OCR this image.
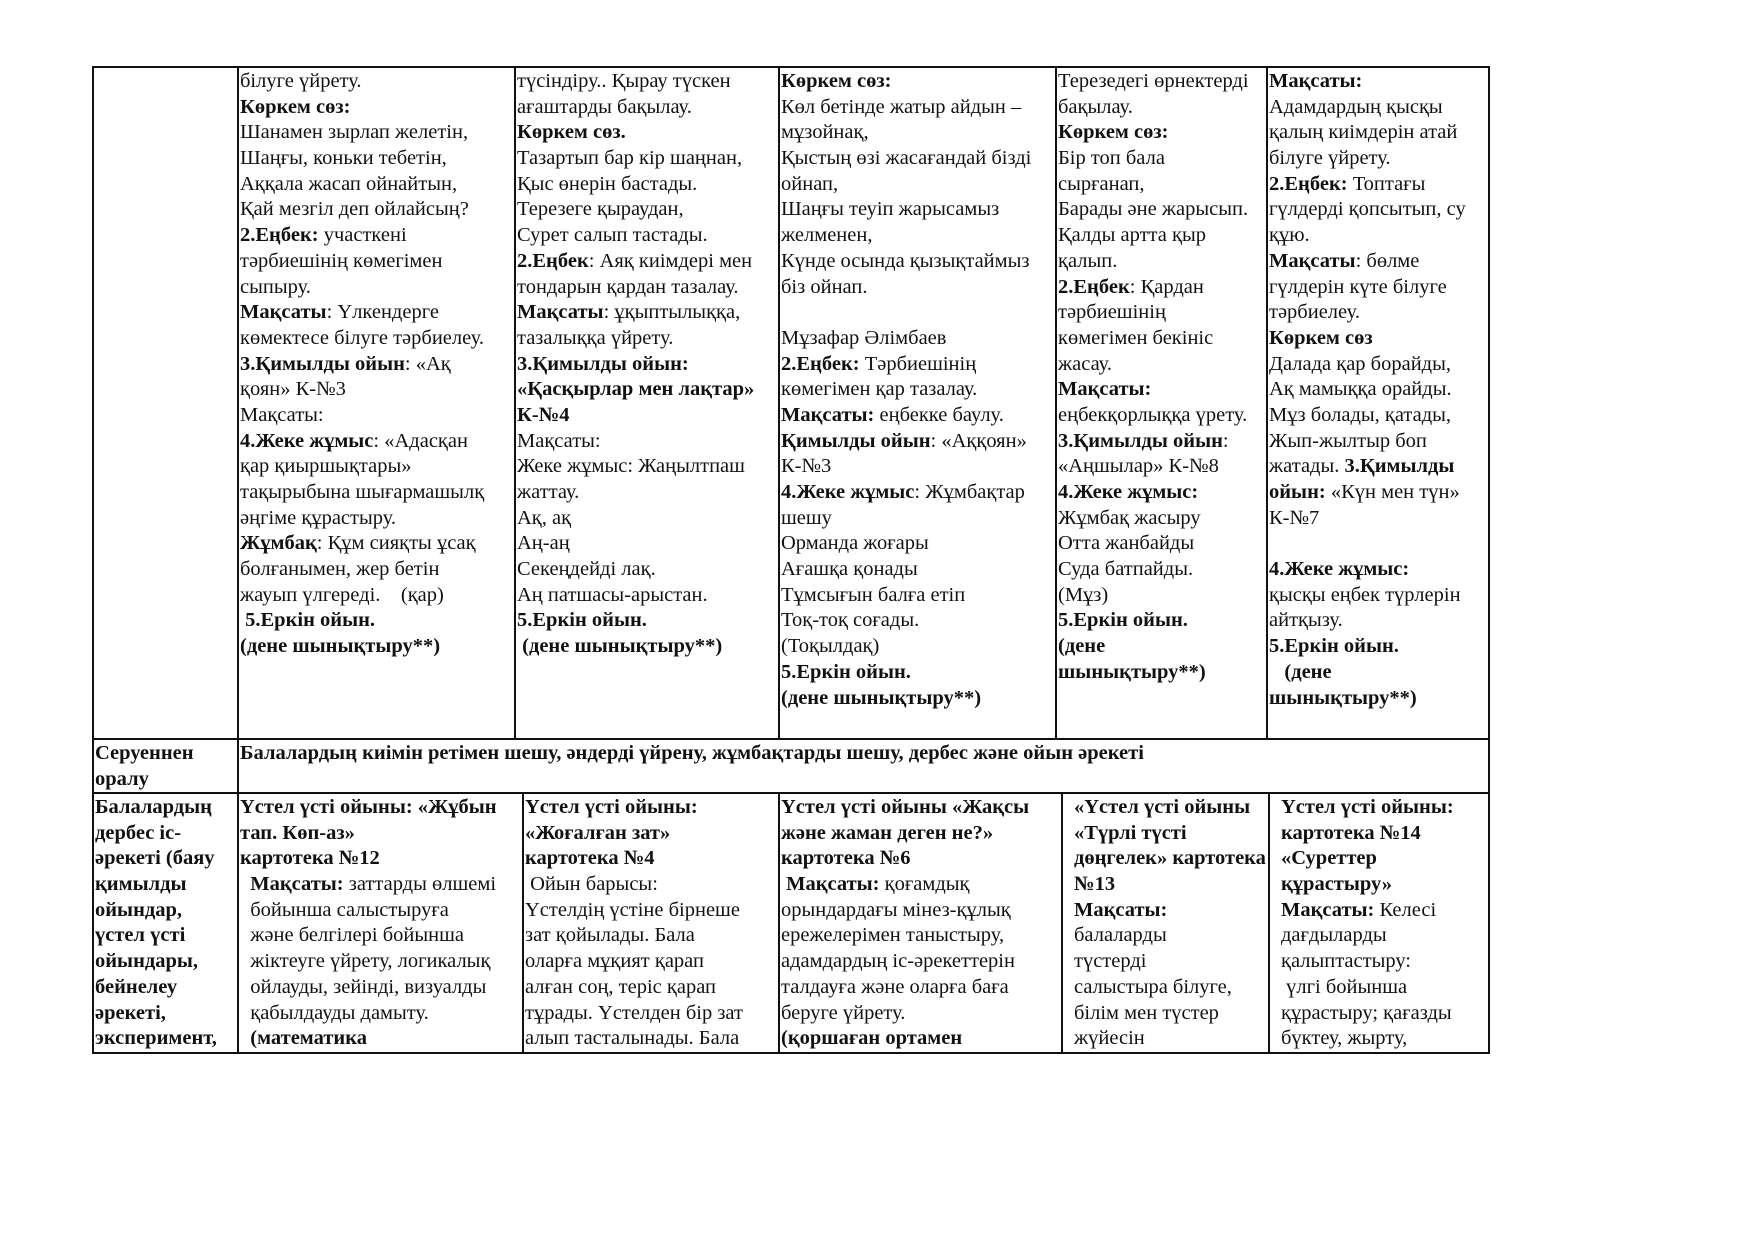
білуге үйрету.
Көркем сөз:
Шанамен зырлап желетін,
Шаңғы, коньки тебетін,
Аққала жасап ойнайтын,
Қай мезгіл деп ойлайсың?
2.Еңбек: участкені
тәрбиешінің көмегімен
сыпыру.
Мақсаты: Үлкендерге
көмектесе білуге тәрбиелеу.
3.Қимылды ойын: «Ақ
қоян» К-№3
Мақсаты:
4.Жеке жұмыс: «Адасқан
қар қиыршықтары»
тақырыбына шығармашылқ
әңгіме құрастыру.
Жұмбақ: Құм сияқты ұсақ
болғанымен, жер бетін
жауып үлгереді.    (қар)
5.Еркін ойын.
(дене шынықтыру**)
түсіндіру.. Қырау түскен
ағаштарды бақылау.
Көркем сөз.
Тазартып бар кір шаңнан,
Қыс өнерін бастады.
Терезеге қыраудан,
Сурет салып тастады.
2.Еңбек: Аяқ киімдері мен
тондарын қардан тазалау.
Мақсаты: ұқыптылыққа,
тазалыққа үйрету.
3.Қимылды ойын:
«Қасқырлар мен лақтар»
К-№4
Мақсаты:
Жеке жұмыс: Жаңылтпаш
жаттау.
Ақ, ақ
Аң-аң
Секеңдейді лақ.
Аң патшасы-арыстан.
5.Еркін ойын.
(дене шынықтыру**)
Көркем сөз:
Көл бетінде жатыр айдын –
мұзойнақ,
Қыстың өзі жасағандай бізді
ойнап,
Шаңғы теуіп жарысамыз
желменен,
Күнде осында қызықтаймыз
біз ойнап.
Мұзафар Әлімбаев
2.Еңбек: Тәрбиешінің
көмегімен қар тазалау.
Мақсаты: еңбекке баулу.
Қимылды ойын: «Аққоян»
К-№3
4.Жеке жұмыс: Жұмбақтар
шешу
Орманда жоғары
Ағашқа қонады
Тұмсығын балға етіп
Тоқ-тоқ соғады.
(Тоқылдақ)
5.Еркін ойын.
(дене шынықтыру**)
Терезедегі өрнектерді
бақылау.
Көркем сөз:
Бір топ бала
сырғанап,
Барады әне жарысып.
Қалды артта қыр
қалып.
2.Еңбек: Қардан
тәрбиешінің
көмегімен бекініс
жасау.
Мақсаты:
еңбекқорлыққа үрету.
3.Қимылды ойын:
«Аңшылар» К-№8
4.Жеке жұмыс:
Жұмбақ жасыру
Отта жанбайды
Суда батпайды.
(Мұз)
5.Еркін ойын.
(дене
шынықтыру**)
Мақсаты:
Адамдардың қысқы
қалың киімдерін атай
білуге үйрету.
2.Еңбек: Топтағы
гүлдерді қопсытып, су
құю.
Мақсаты: бөлме
гүлдерін күте білуге
тәрбиелеу.
Көркем сөз
Далада қар борайды,
Ақ мамыққа орайды.
Мұз болады, қатады,
Жып-жылтыр боп
жатады. 3.Қимылды
ойын: «Күн мен түн»
К-№7
4.Жеке жұмыс:
қысқы еңбек түрлерін
айтқызу.
5.Еркін ойын.
(дене
шынықтыру**)
Серуеннен
оралу
Балалардың киімін ретімен шешу, әндерді үйрену, жұмбақтарды шешу, дербес және ойын әрекеті
Балалардың
дербес іс-
әрекеті (баяу
қимылды
ойындар,
үстел үсті
ойындары,
бейнелеу
әрекеті,
эксперимент,
Үстел үсті ойыны: «Жұбын
тап. Көп-аз»
картотека №12
Мақсаты: заттарды өлшемі
бойынша салыстыруға
және белгілері бойынша
жіктеуге үйрету, логикалық
ойлауды, зейінді, визуалды
қабылдауды дамыту.
(математика
Үстел үсті ойыны:
«Жоғалған зат»
картотека №4
Ойын барысы:
Үстелдің үстіне бірнеше
зат қойылады. Бала
оларға мұқият қарап
алған соң, теріс қарап
тұрады. Үстелден бір зат
алып тасталынады. Бала
Үстел үсті ойыны «Жақсы
және жаман деген не?»
картотека №6
Мақсаты: қоғамдық
орындардағы мінез-құлық
ережелерімен таныстыру,
адамдардың іс-әрекеттерін
талдауға және оларға баға
беруге үйрету.
(қоршаған ортамен
«Үстел үсті ойыны
«Түрлі түсті
дөңгелек» картотека
№13
Мақсаты:
балаларды
түстерді
салыстыра білуге,
білім мен түстер
жүйесін
Үстел үсті ойыны:
картотека №14
«Суреттер
құрастыру»
Мақсаты: Келесі
дағдыларды
қалыптастыру:
үлгі бойынша
құрастыру; қағазды
бүктеу, жырту,
